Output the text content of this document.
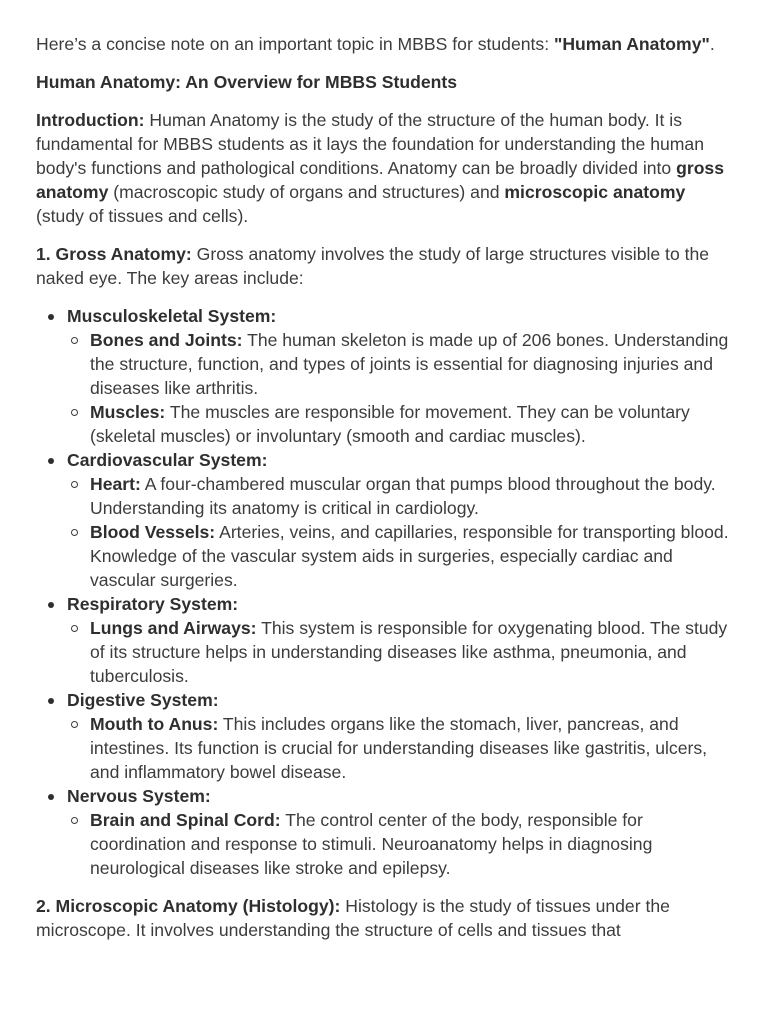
Here’s a concise note on an important topic in MBBS for students: "Human Anatomy".

Human Anatomy: An Overview for MBBS Students

Introduction: Human Anatomy is the study of the structure of the human body. It is fundamental for MBBS students as it lays the foundation for understanding the human body's functions and pathological conditions. Anatomy can be broadly divided into gross anatomy (macroscopic study of organs and structures) and microscopic anatomy (study of tissues and cells).

1. Gross Anatomy: Gross anatomy involves the study of large structures visible to the naked eye. The key areas include:

Musculoskeletal System:
Bones and Joints: The human skeleton is made up of 206 bones. Understanding the structure, function, and types of joints is essential for diagnosing injuries and diseases like arthritis.
Muscles: The muscles are responsible for movement. They can be voluntary (skeletal muscles) or involuntary (smooth and cardiac muscles).
Cardiovascular System:
Heart: A four-chambered muscular organ that pumps blood throughout the body. Understanding its anatomy is critical in cardiology.
Blood Vessels: Arteries, veins, and capillaries, responsible for transporting blood. Knowledge of the vascular system aids in surgeries, especially cardiac and vascular surgeries.
Respiratory System:
Lungs and Airways: This system is responsible for oxygenating blood. The study of its structure helps in understanding diseases like asthma, pneumonia, and tuberculosis.
Digestive System:
Mouth to Anus: This includes organs like the stomach, liver, pancreas, and intestines. Its function is crucial for understanding diseases like gastritis, ulcers, and inflammatory bowel disease.
Nervous System:
Brain and Spinal Cord: The control center of the body, responsible for coordination and response to stimuli. Neuroanatomy helps in diagnosing neurological diseases like stroke and epilepsy.

2. Microscopic Anatomy (Histology): Histology is the study of tissues under the microscope. It involves understanding the structure of cells and tissues that
